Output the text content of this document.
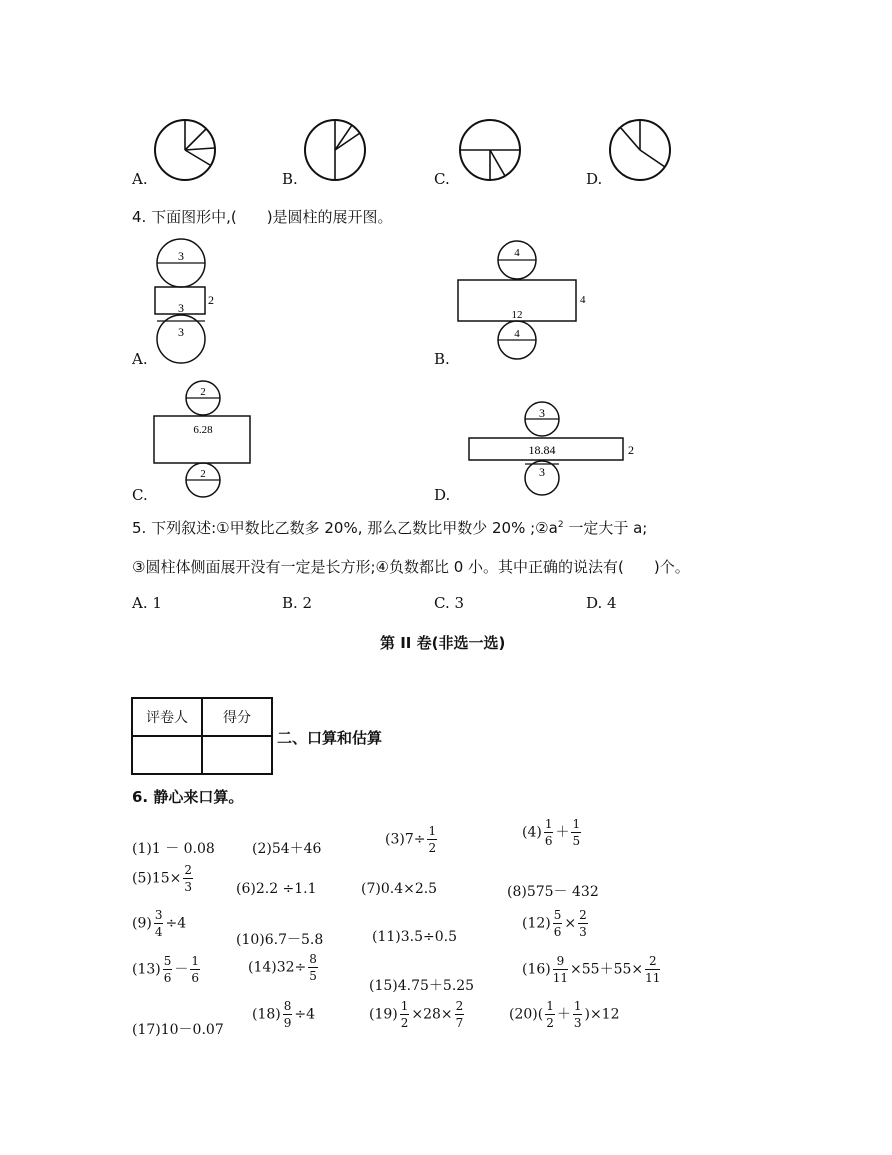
A.	B.	C.	D.
4. 下面图形中,(　　)是圆柱的展开图。
3
3
2
3
A.
4
12
4
4
B.
2
6.28
2
C.
3
18.84	2
3
D.
5. 下列叙述:①甲数比乙数多 20%, 那么乙数比甲数少 20% $;②a^2$ 一定大于 a;
③圆柱体侧面展开没有一定是长方形;④负数都比 0 小。其中正确的说法有(　　)个。
A. 1	B. 2	C. 3	D. 4
第 II 卷(非选一选)
评卷人	得分

二、口算和估算
6. 静心来口算。
(1)1 － 0.08	(2)54＋46
$(3)7\div \frac{1}{2}$	$(4) \frac{1}{6} + \frac{1}{5}$
$(5)15\times \frac{2}{3}$	(6)2.2 ÷1.1	(7)0.4×2.5	(8)575－ 432
$(9) \frac{3}{4} \div 4$
(10)6.7－5.8	(11)3.5÷0.5
$(12) \frac{5}{6} \times \frac{2}{3}$
$(13) \frac{5}{6} - \frac{1}{6}$	$(14)32\div \frac{8}{5}$
(15)4.75＋5.25
$(16) \frac{9}{11} \times 55+55\times \frac{2}{11}$
(17)10－0.07
$(18) \frac{8}{9} \div 4$	$(19) \frac{1}{2} \times 28\times \frac{2}{7}$	$(20)( \frac{1}{2} + \frac{1}{3} )\times 12$
